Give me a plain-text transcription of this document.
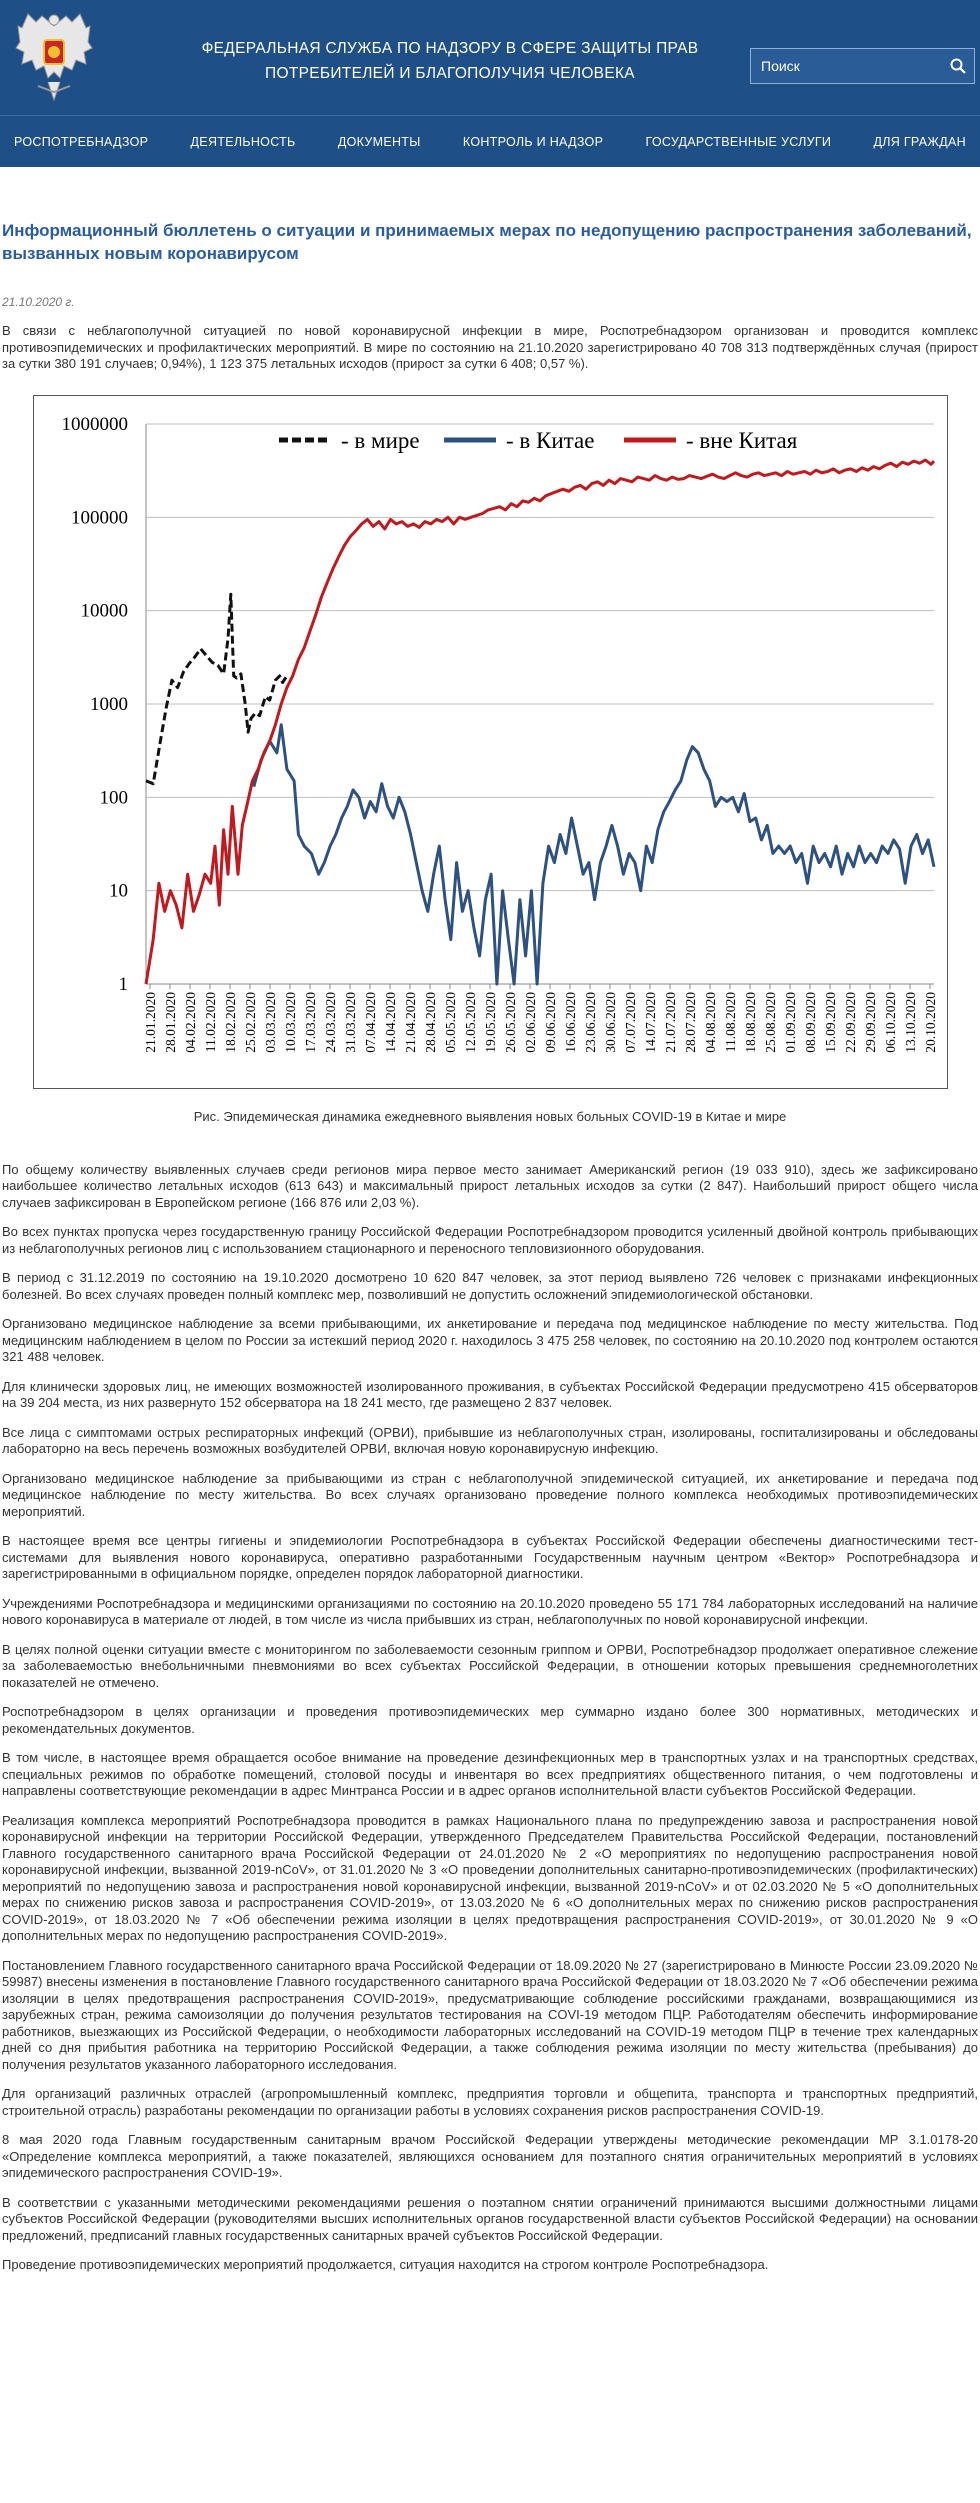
ФЕДЕРАЛЬНАЯ СЛУЖБА ПО НАДЗОРУ В СФЕРЕ ЗАЩИТЫ ПРАВ
ПОТРЕБИТЕЛЕЙ И БЛАГОПОЛУЧИЯ ЧЕЛОВЕКА
Поиск
РОСПОТРЕБНАДЗОР	ДЕЯТЕЛЬНОСТЬ	ДОКУМЕНТЫ	КОНТРОЛЬ И НАДЗОР	ГОСУДАРСТВЕННЫЕ УСЛУГИ	ДЛЯ ГРАЖДАН
Информационный бюллетень о ситуации и принимаемых мерах по недопущению распространения заболеваний, вызванных новым коронавирусом
21.10.2020 г.

В связи с неблагополучной ситуацией по новой коронавирусной инфекции в мире, Роспотребнадзором организован и проводится комплекс противоэпидемических и профилактических мероприятий. В мире по состоянию на 21.10.2020 зарегистрировано 40 708 313 подтверждённых случая (прирост за сутки 380 191 случаев; 0,94%), 1 123 375 летальных исходов (прирост за сутки 6 408; 0,57 %).

1
10
100
1000
10000
100000
1000000
21.01.2020 28.01.2020 04.02.2020 11.02.2020 18.02.2020 25.02.2020 03.03.2020 10.03.2020 17.03.2020 24.03.2020 31.03.2020 07.04.2020 14.04.2020 21.04.2020 28.04.2020 05.05.2020 12.05.2020 19.05.2020 26.05.2020 02.06.2020 09.06.2020 16.06.2020 23.06.2020 30.06.2020 07.07.2020 14.07.2020 21.07.2020 28.07.2020 04.08.2020 11.08.2020 18.08.2020 25.08.2020 01.09.2020 08.09.2020 15.09.2020 22.09.2020 29.09.2020 06.10.2020 13.10.2020 20.10.2020
- в мире	- в Китае	- вне Китая
Рис. Эпидемическая динамика ежедневного выявления новых больных COVID-19 в Китае и мире

По общему количеству выявленных случаев среди регионов мира первое место занимает Американский регион (19 033 910), здесь же зафиксировано наибольшее количество летальных исходов (613 643) и максимальный прирост летальных исходов за сутки (2 847). Наибольший прирост общего числа случаев зафиксирован в Европейском регионе (166 876 или 2,03 %).

Во всех пунктах пропуска через государственную границу Российской Федерации Роспотребнадзором проводится усиленный двойной контроль прибывающих из неблагополучных регионов лиц с использованием стационарного и переносного тепловизионного оборудования.

В период с 31.12.2019 по состоянию на 19.10.2020 досмотрено 10 620 847 человек, за этот период выявлено 726 человек с признаками инфекционных болезней. Во всех случаях проведен полный комплекс мер, позволивший не допустить осложнений эпидемиологической обстановки.

Организовано медицинское наблюдение за всеми прибывающими, их анкетирование и передача под медицинское наблюдение по месту жительства. Под медицинским наблюдением в целом по России за истекший период 2020 г. находилось 3 475 258 человек, по состоянию на 20.10.2020 под контролем остаются 321 488 человек.

Для клинически здоровых лиц, не имеющих возможностей изолированного проживания, в субъектах Российской Федерации предусмотрено 415 обсерваторов на 39 204 места, из них развернуто 152 обсерватора на 18 241 место, где размещено 2 837 человек.

Все лица с симптомами острых респираторных инфекций (ОРВИ), прибывшие из неблагополучных стран, изолированы, госпитализированы и обследованы лабораторно на весь перечень возможных возбудителей ОРВИ, включая новую коронавирусную инфекцию.

Организовано медицинское наблюдение за прибывающими из стран с неблагополучной эпидемической ситуацией, их анкетирование и передача под медицинское наблюдение по месту жительства. Во всех случаях организовано проведение полного комплекса необходимых противоэпидемических мероприятий.

В настоящее время все центры гигиены и эпидемиологии Роспотребнадзора в субъектах Российской Федерации обеспечены диагностическими тест-системами для выявления нового коронавируса, оперативно разработанными Государственным научным центром «Вектор» Роспотребнадзора и зарегистрированными в официальном порядке, определен порядок лабораторной диагностики.

Учреждениями Роспотребнадзора и медицинскими организациями по состоянию на 20.10.2020 проведено 55 171 784 лабораторных исследований на наличие нового коронавируса в материале от людей, в том числе из числа прибывших из стран, неблагополучных по новой коронавирусной инфекции.

В целях полной оценки ситуации вместе с мониторингом по заболеваемости сезонным гриппом и ОРВИ, Роспотребнадзор продолжает оперативное слежение за заболеваемостью внебольничными пневмониями во всех субъектах Российской Федерации, в отношении которых превышения среднемноголетних показателей не отмечено.

Роспотребнадзором в целях организации и проведения противоэпидемических мер суммарно издано более 300 нормативных, методических и рекомендательных документов.

В том числе, в настоящее время обращается особое внимание на проведение дезинфекционных мер в транспортных узлах и на транспортных средствах, специальных режимов по обработке помещений, столовой посуды и инвентаря во всех предприятиях общественного питания, о чем подготовлены и направлены соответствующие рекомендации в адрес Минтранса России и в адрес органов исполнительной власти субъектов Российской Федерации.

Реализация комплекса мероприятий Роспотребнадзора проводится в рамках Национального плана по предупреждению завоза и распространения новой коронавирусной инфекции на территории Российской Федерации, утвержденного Председателем Правительства Российской Федерации, постановлений Главного государственного санитарного врача Российской Федерации от 24.01.2020 № 2 «О мероприятиях по недопущению распространения новой коронавирусной инфекции, вызванной 2019-nCoV», от 31.01.2020 № 3 «О проведении дополнительных санитарно-противоэпидемических (профилактических) мероприятий по недопущению завоза и распространения новой коронавирусной инфекции, вызванной 2019-nCoV» и от 02.03.2020 № 5 «О дополнительных мерах по снижению рисков завоза и распространения COVID-2019», от 13.03.2020 № 6 «О дополнительных мерах по снижению рисков распространения COVID-2019», от 18.03.2020 № 7 «Об обеспечении режима изоляции в целях предотвращения распространения COVID-2019», от 30.01.2020 № 9 «О дополнительных мерах по недопущению распространения COVID-2019».

Постановлением Главного государственного санитарного врача Российской Федерации от 18.09.2020 № 27 (зарегистрировано в Минюсте России 23.09.2020 № 59987) внесены изменения в постановление Главного государственного санитарного врача Российской Федерации от 18.03.2020 № 7 «Об обеспечении режима изоляции в целях предотвращения распространения COVID-2019», предусматривающие соблюдение российскими гражданами, возвращающимися из зарубежных стран, режима самоизоляции до получения результатов тестирования на COVI-19 методом ПЦР. Работодателям обеспечить информирование работников, выезжающих из Российской Федерации, о необходимости лабораторных исследований на COVID-19 методом ПЦР в течение трех календарных дней со дня прибытия работника на территорию Российской Федерации, а также соблюдения режима изоляции по месту жительства (пребывания) до получения результатов указанного лабораторного исследования.

Для организаций различных отраслей (агропромышленный комплекс, предприятия торговли и общепита, транспорта и транспортных предприятий, строительной отрасль) разработаны рекомендации по организации работы в условиях сохранения рисков распространения COVID-19.

8 мая 2020 года Главным государственным санитарным врачом Российской Федерации утверждены методические рекомендации МР 3.1.0178-20 «Определение комплекса мероприятий, а также показателей, являющихся основанием для поэтапного снятия ограничительных мероприятий в условиях эпидемического распространения COVID-19».

В соответствии с указанными методическими рекомендациями решения о поэтапном снятии ограничений принимаются высшими должностными лицами субъектов Российской Федерации (руководителями высших исполнительных органов государственной власти субъектов Российской Федерации) на основании предложений, предписаний главных государственных санитарных врачей субъектов Российской Федерации.

Проведение противоэпидемических мероприятий продолжается, ситуация находится на строгом контроле Роспотребнадзора.
